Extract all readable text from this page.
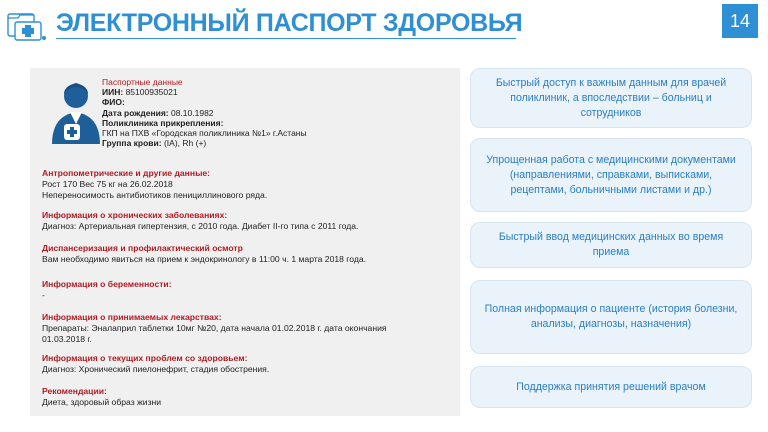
ЭЛЕКТРОННЫЙ ПАСПОРТ ЗДОРОВЬЯ	14
Паспортные данные
ИИН: 85100935021
ФИО:
Дата рождения: 08.10.1982
Поликлиника прикрепления:
ГКП на ПХВ «Городская поликлиника №1» г.Астаны
Группа крови: (IA), Rh (+)
Антропометрические и другие данные:
Рост 170 Вес 75 кг на 26.02.2018
Непереносимость антибиотиков пенициллинового ряда.
Информация о хронических заболеваниях:
Диагноз: Артериальная гипертензия, с 2010 года. Диабет II-го типа с 2011 года.
Диспансеризация и профилактический осмотр
Вам необходимо явиться на прием к эндокринологу в 11:00 ч. 1 марта 2018 года.
Информация о беременности:
-
Информация о принимаемых лекарствах:
Препараты: Эналаприл таблетки 10мг №20, дата начала 01.02.2018 г. дата окончания
01.03.2018 г.
Информация о текущих проблем со здоровьем:
Диагноз: Хронический пиелонефрит, стадия обострения.
Рекомендации:
Диета, здоровый образ жизни
Быстрый доступ к важным данным для врачей поликлиник, а впоследствии – больниц и сотрудников
Упрощенная работа с медицинскими документами (направлениями, справками, выписками, рецептами, больничными листами и др.)
Быстрый ввод медицинских данных во время приема
Полная информация о пациенте (история болезни, анализы, диагнозы, назначения)
Поддержка принятия решений врачом
